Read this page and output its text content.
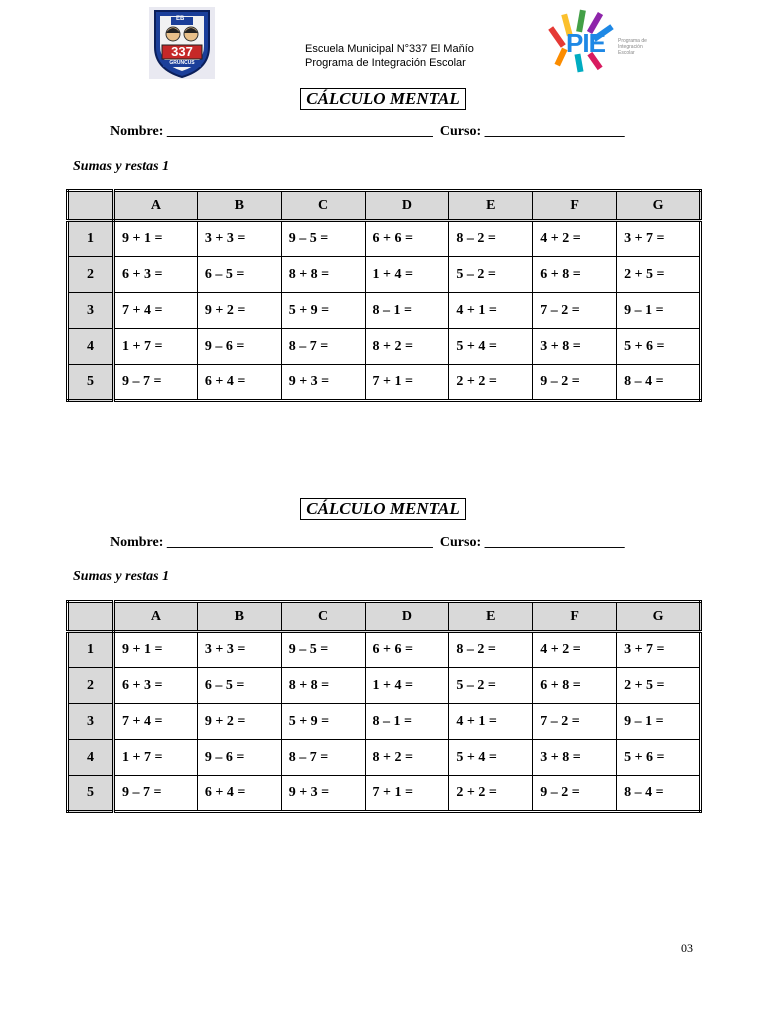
EB
337
GRUNCUS
Escuela Municipal N°337 El Maňío
Programa de Integración Escolar
PIE	Programa de Integración Escolar
CÁLCULO MENTAL
Nombre: ______________________________________ Curso: ____________________
Sumas y restas 1
	A	B	C	D	E	F	G
1	9 + 1 =	3 + 3 =	9 – 5 =	6 + 6 =	8 – 2 =	4 + 2 =	3 + 7 =
2	6 + 3 =	6 – 5 =	8 + 8 =	1 + 4 =	5 – 2 =	6 + 8 =	2 + 5 =
3	7 + 4 =	9 + 2 =	5 + 9 =	8 – 1 =	4 + 1 =	7 – 2 =	9 – 1 =
4	1 + 7 =	9 – 6 =	8 – 7 =	8 + 2 =	5 + 4 =	3 + 8 =	5 + 6 =
5	9 – 7 =	6 + 4 =	9 + 3 =	7 + 1 =	2 + 2 =	9 – 2 =	8 – 4 =
CÁLCULO MENTAL
Nombre: ______________________________________ Curso: ____________________
Sumas y restas 1
	A	B	C	D	E	F	G
1	9 + 1 =	3 + 3 =	9 – 5 =	6 + 6 =	8 – 2 =	4 + 2 =	3 + 7 =
2	6 + 3 =	6 – 5 =	8 + 8 =	1 + 4 =	5 – 2 =	6 + 8 =	2 + 5 =
3	7 + 4 =	9 + 2 =	5 + 9 =	8 – 1 =	4 + 1 =	7 – 2 =	9 – 1 =
4	1 + 7 =	9 – 6 =	8 – 7 =	8 + 2 =	5 + 4 =	3 + 8 =	5 + 6 =
5	9 – 7 =	6 + 4 =	9 + 3 =	7 + 1 =	2 + 2 =	9 – 2 =	8 – 4 =
03
